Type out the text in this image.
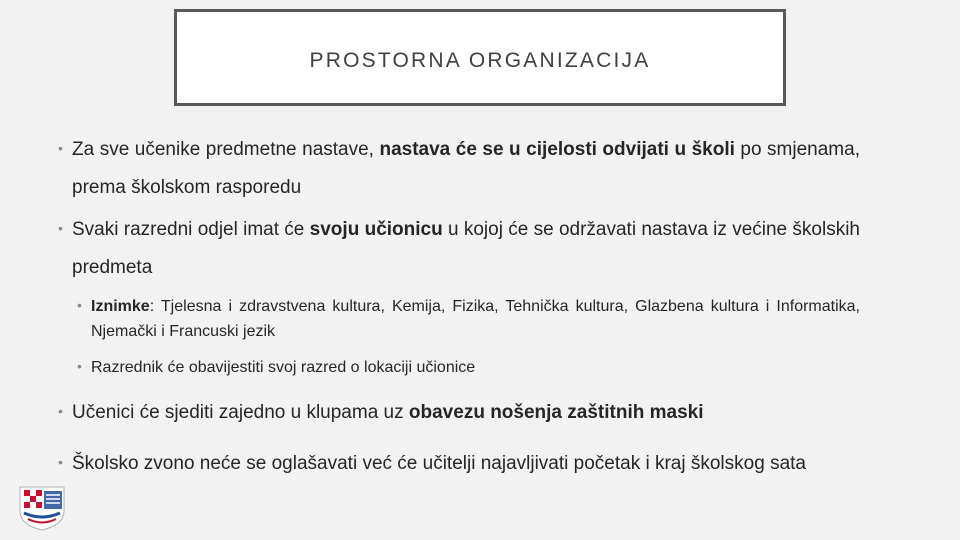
PROSTORNA ORGANIZACIJA
• Za sve učenike predmetne nastave, nastava će se u cijelosti odvijati u školi po smjenama, prema školskom rasporedu
• Svaki razredni odjel imat će svoju učionicu u kojoj će se održavati nastava iz većine školskih predmeta
• Iznimke: Tjelesna i zdravstvena kultura, Kemija, Fizika, Tehnička kultura, Glazbena kultura i Informatika, Njemački i Francuski jezik
• Razrednik će obavijestiti svoj razred o lokaciji učionice
• Učenici će sjediti zajedno u klupama uz obavezu nošenja zaštitnih maski
• Školsko zvono neće se oglašavati već će učitelji najavljivati početak i kraj školskog sata
